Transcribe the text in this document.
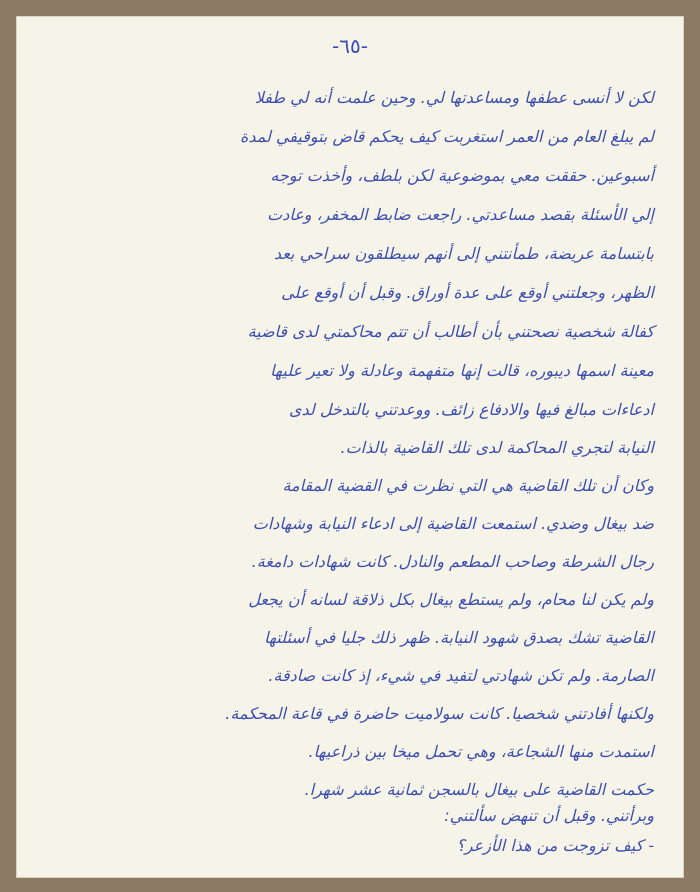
-٦٥-
لكن لا أنسى عطفها ومساعدتها لي. وحين علمت أنه لي طفلا
لم يبلغ العام من العمر استغربت كيف يحكم قاض بتوقيفي لمدة
أسبوعين. حققت معي بموضوعية لكن بلطف، وأخذت توجه
إلي الأسئلة بقصد مساعدتي. راجعت ضابط المخفر، وعادت
بابتسامة عريضة، طمأنتني إلى أنهم سيطلقون سراحي بعد
الظهر، وجعلتني أوقع على عدة أوراق. وقبل أن أوقع على
كفالة شخصية نصحتني بأن أطالب أن تتم محاكمتي لدى قاضية
معينة اسمها ديبوره، قالت إنها متفهمة وعادلة ولا تعير عليها
ادعاءات مبالغ فيها والادفاع زائف. ووعدتني بالتدخل لدى
النيابة لتجري المحاكمة لدى تلك القاضية بالذات.
وكان أن تلك القاضية هي التي نظرت في القضية المقامة
ضد بيغال وضدي. استمعت القاضية إلى ادعاء النيابة وشهادات
رجال الشرطة وصاحب المطعم والنادل. كانت شهادات دامغة.
ولم يكن لنا محام، ولم يستطع بيغال بكل ذلاقة لسانه أن يجعل
القاضية تشك بصدق شهود النيابة. ظهر ذلك جليا في أسئلتها
الصارمة. ولم تكن شهادتي لتفيد في شيء، إذ كانت صادقة.
ولكنها أفادتني شخصيا. كانت سولاميت حاضرة في قاعة المحكمة.
استمدت منها الشجاعة، وهي تحمل ميخا بين ذراعيها.
حكمت القاضية على بيغال بالسجن ثمانية عشر شهرا.
وبرأتني. وقبل أن تنهض سألتني:
- كيف تزوجت من هذا الأزعر؟
